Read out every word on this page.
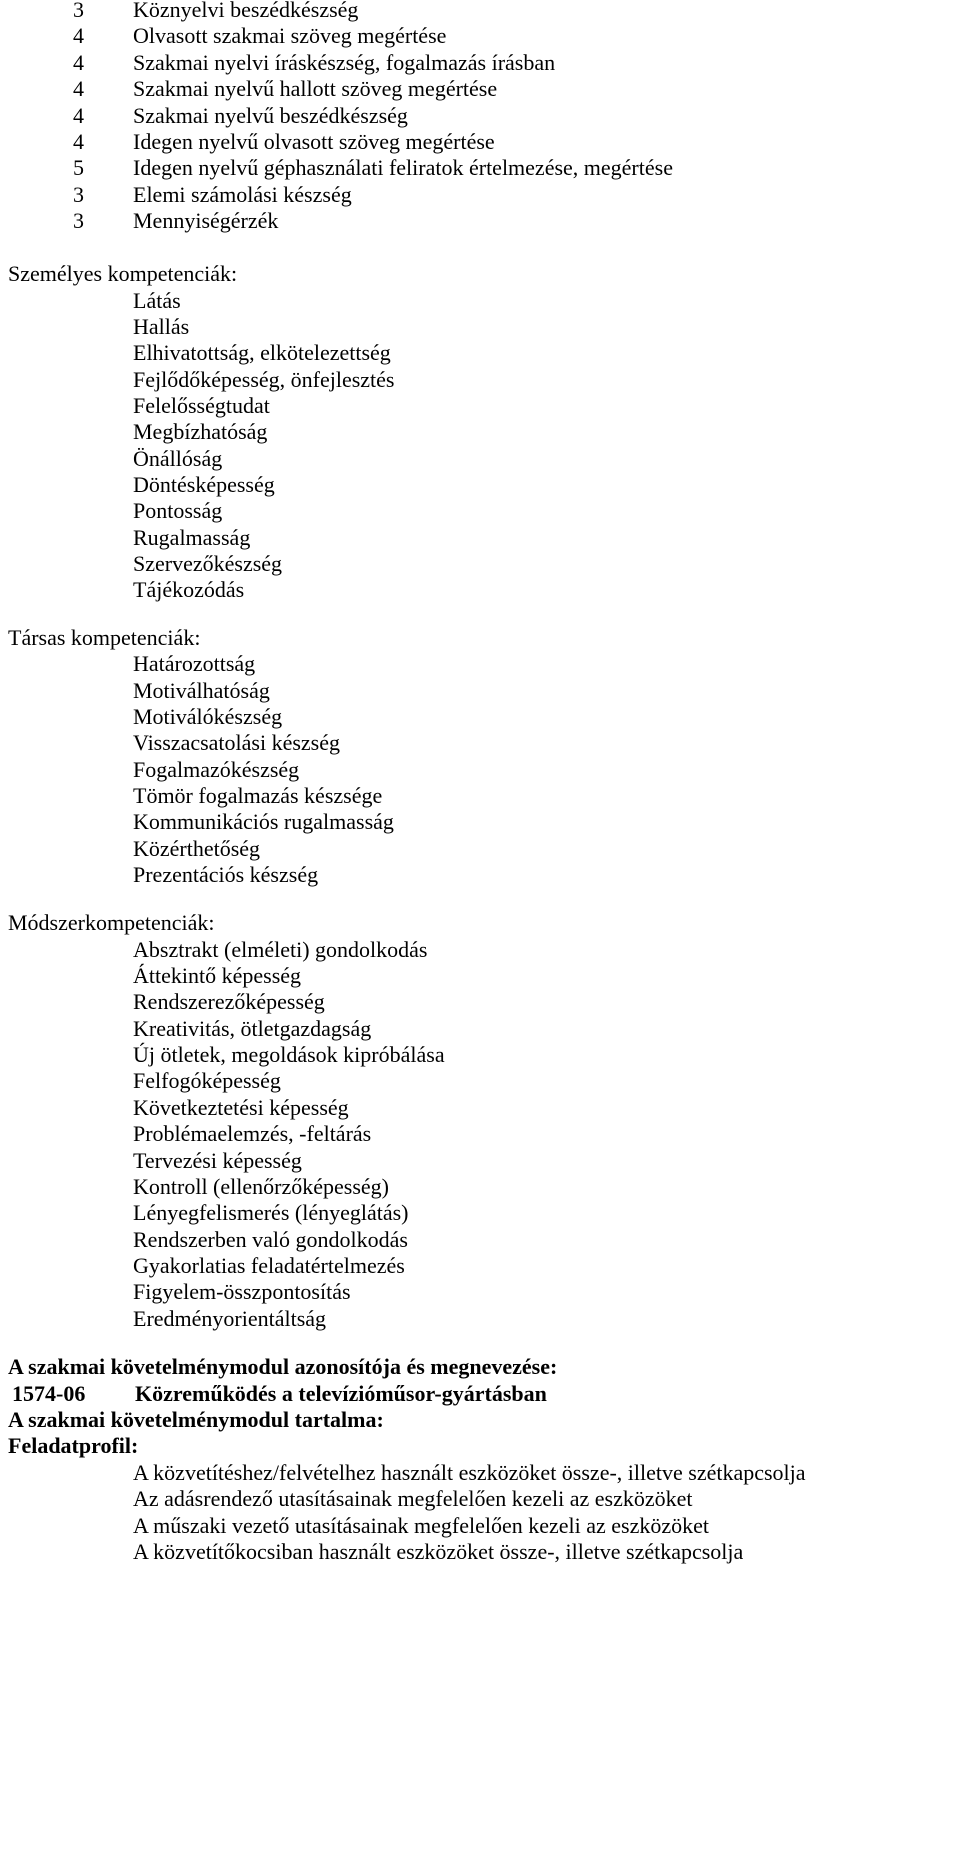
3 Köznyelvi beszédkészség
4 Olvasott szakmai szöveg megértése
4 Szakmai nyelvi íráskészség, fogalmazás írásban
4 Szakmai nyelvű hallott szöveg megértése
4 Szakmai nyelvű beszédkészség
4 Idegen nyelvű olvasott szöveg megértése
5 Idegen nyelvű géphasználati feliratok értelmezése, megértése
3 Elemi számolási készség
3 Mennyiségérzék
Személyes kompetenciák:
Látás
Hallás
Elhivatottság, elkötelezettség
Fejlődőképesség, önfejlesztés
Felelősségtudat
Megbízhatóság
Önállóság
Döntésképesség
Pontosság
Rugalmasság
Szervezőkészség
Tájékozódás
Társas kompetenciák:
Határozottság
Motiválhatóság
Motiválókészség
Visszacsatolási készség
Fogalmazókészség
Tömör fogalmazás készsége
Kommunikációs rugalmasság
Közérthetőség
Prezentációs készség
Módszerkompetenciák:
Absztrakt (elméleti) gondolkodás
Áttekintő képesség
Rendszerezőképesség
Kreativitás, ötletgazdagság
Új ötletek, megoldások kipróbálása
Felfogóképesség
Következtetési képesség
Problémaelemzés, -feltárás
Tervezési képesség
Kontroll (ellenőrzőképesség)
Lényegfelismerés (lényeglátás)
Rendszerben való gondolkodás
Gyakorlatias feladatértelmezés
Figyelem-összpontosítás
Eredményorientáltság
A szakmai követelménymodul azonosítója és megnevezése:
1574-06 Közreműködés a televízióműsor-gyártásban
A szakmai követelménymodul tartalma:
Feladatprofil:
A közvetítéshez/felvételhez használt eszközöket össze-, illetve szétkapcsolja
Az adásrendező utasításainak megfelelően kezeli az eszközöket
A műszaki vezető utasításainak megfelelően kezeli az eszközöket
A közvetítőkocsiban használt eszközöket össze-, illetve szétkapcsolja
